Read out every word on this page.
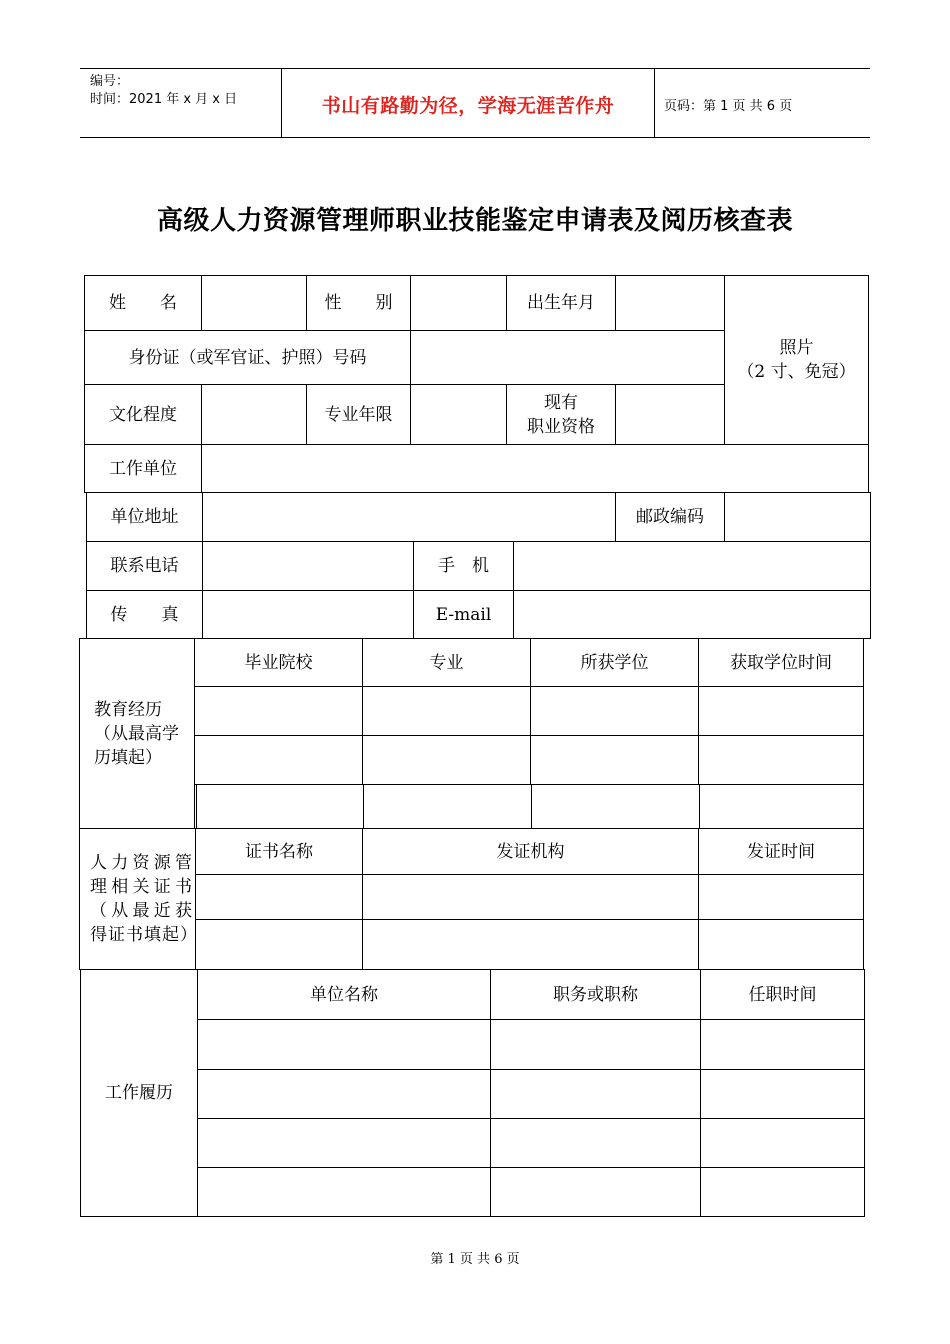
编号：
时间：2021 年 x 月 x 日	书山有路勤为径，学海无涯苦作舟	页码：第 1 页 共 6 页
高级人力资源管理师职业技能鉴定申请表及阅历核查表
姓　　名	性　　别	出生年月
照片
（2 寸、免冠）
身份证（或军官证、护照）号码
文化程度	专业年限
现有
职业资格
工作单位
单位地址	邮政编码
联系电话	手　机
传　　真	E-mail
教育经历
（从最高学
历填起）
毕业院校	专业	所获学位	获取学位时间
人力资源管理相关证书（从最近获得证书填起）
证书名称	发证机构	发证时间
工作履历
单位名称	职务或职称	任职时间
第 1 页 共 6 页
